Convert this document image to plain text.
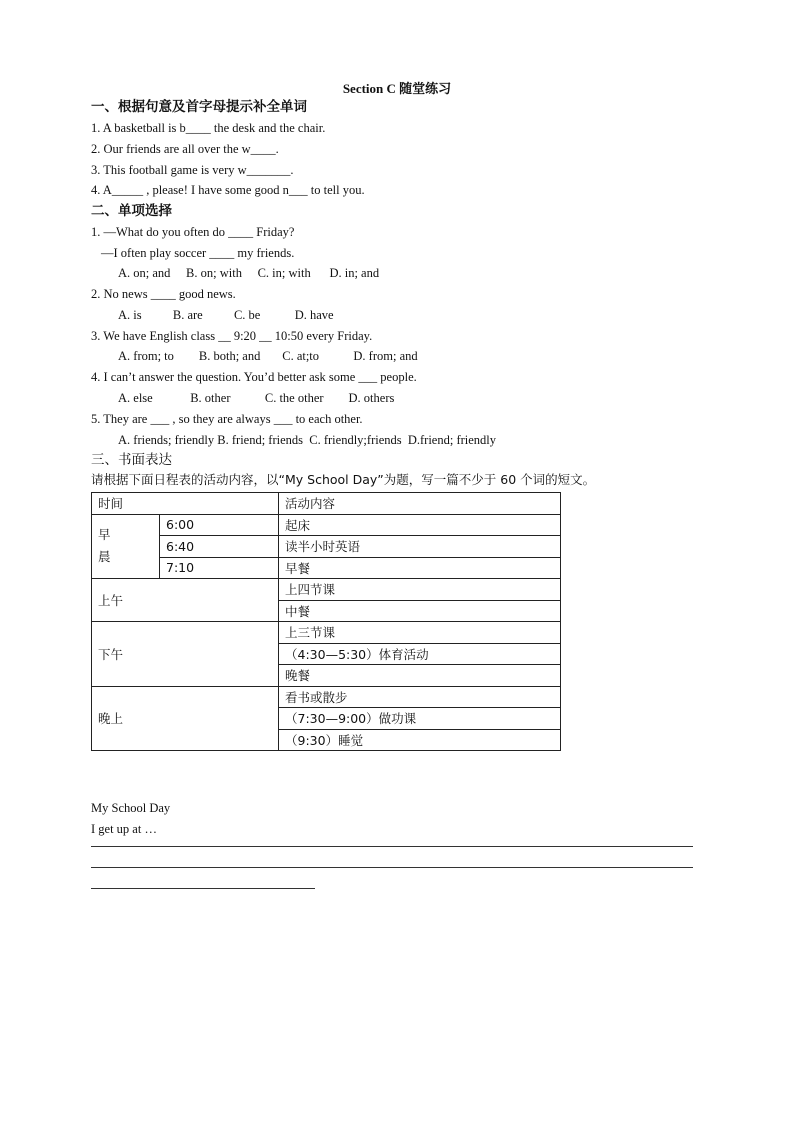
Section C 随堂练习
一、根据句意及首字母提示补全单词
1. A basketball is b____ the desk and the chair.
2. Our friends are all over the w____.
3. This football game is very w_______.
4. A_____ , please! I have some good n___ to tell you.
二、单项选择
1. —What do you often do ____ Friday?
—I often play soccer ____ my friends.
A. on; and     B. on; with     C. in; with      D. in; and
2. No news ____ good news.
A. is          B. are          C. be           D. have
3. We have English class __ 9:20 __ 10:50 every Friday.
A. from; to        B. both; and       C. at;to           D. from; and
4. I can’t answer the question. You’d better ask some ___ people.
A. else            B. other           C. the other        D. others
5. They are ___ , so they are always ___ to each other.
A. friends; friendly B. friend; friends  C. friendly;friends  D.friend; friendly
三、书面表达
请根据下面日程表的活动内容，以“My School Day”为题，写一篇不少于 60 个词的短文。
时间		活动内容

早
晨	6:00	起床
	6:40	读半小时英语
	7:10	早餐
上午		上四节课
		中餐
下午		上三节课
		（4:30—5:30）体育活动
		晚餐
晚上		看书或散步
		（7:30—9:00）做功课
		（9:30）睡觉
My School Day
I get up at …
